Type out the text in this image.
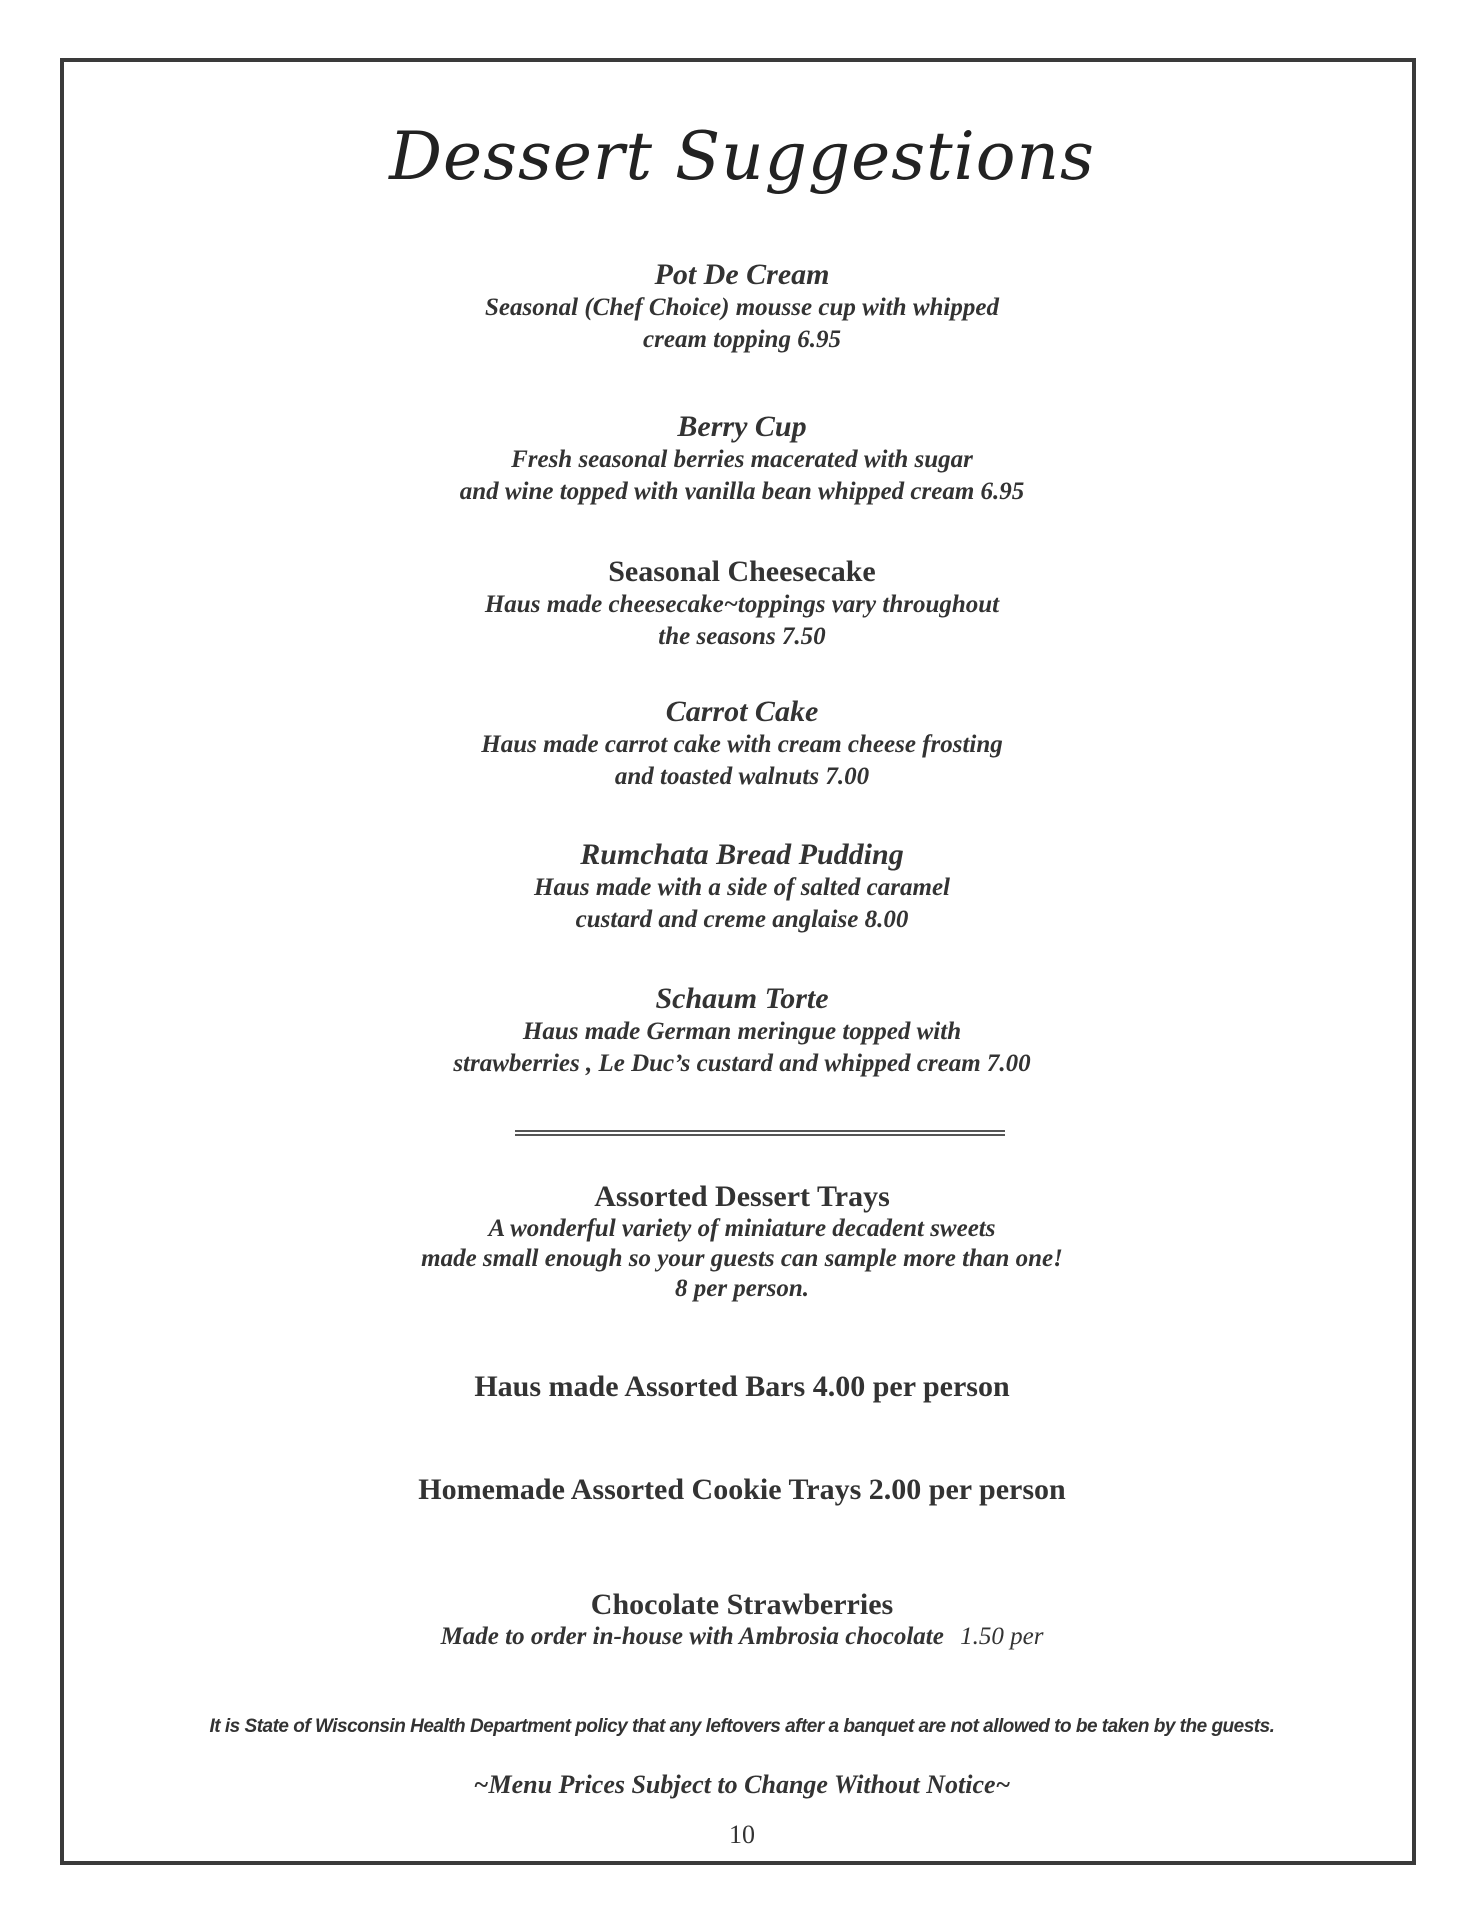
Dessert Suggestions
Pot De Cream
Seasonal (Chef Choice) mousse cup with whipped
cream topping 6.95
Berry Cup
Fresh seasonal berries macerated with sugar
and wine topped with vanilla bean whipped cream 6.95
Seasonal Cheesecake
Haus made cheesecake~toppings vary throughout
the seasons 7.50
Carrot Cake
Haus made carrot cake with cream cheese frosting
and toasted walnuts 7.00
Rumchata Bread Pudding
Haus made with a side of salted caramel
custard and creme anglaise 8.00
Schaum Torte
Haus made German meringue topped with
strawberries , Le Duc’s custard and whipped cream 7.00
Assorted Dessert Trays
A wonderful variety of miniature decadent sweets
made small enough so your guests can sample more than one!
8 per person.
Haus made Assorted Bars 4.00 per person
Homemade Assorted Cookie Trays 2.00 per person
Chocolate Strawberries
Made to order in-house with Ambrosia chocolate 1.50 per
It is State of Wisconsin Health Department policy that any leftovers after a banquet are not allowed to be taken by the guests.
~Menu Prices Subject to Change Without Notice~
10
